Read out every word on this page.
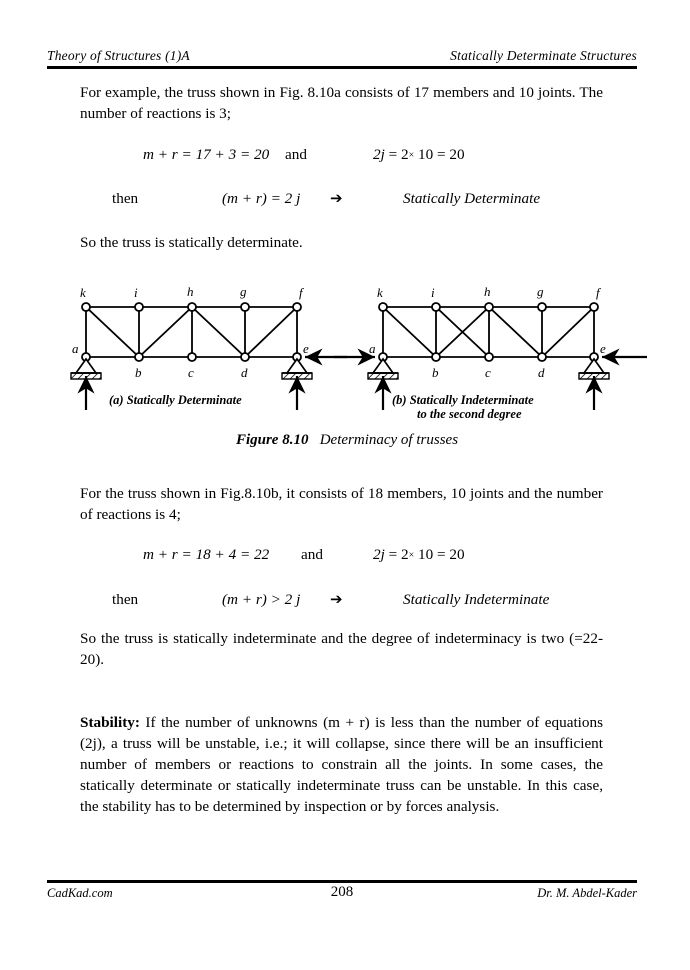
Theory of Structures (1)A	Statically Determinate Structures
For example, the truss shown in Fig. 8.10a consists of 17 members and 10 joints. The number of reactions is 3;
m + r = 17 + 3 = 20 and	2j = 2× 10 = 20
then	(m + r) = 2 j ➔	Statically Determinate
So the truss is statically determinate.
k	i	h	g	f
a
b	c	d
e
(a) Statically Determinate
k	i	h	g	f
a
b	c	d
e
(b) Statically Indeterminate
to the second degree
Figure 8.10 Determinacy of trusses
For the truss shown in Fig.8.10b, it consists of 18 members, 10 joints and the number of reactions is 4;
m + r = 18 + 4 = 22 and	2j = 2× 10 = 20
then	(m + r) > 2 j ➔	Statically Indeterminate
So the truss is statically indeterminate and the degree of indeterminacy is two (=22-20).
Stability: If the number of unknowns (m + r) is less than the number of equations (2j), a truss will be unstable, i.e.; it will collapse, since there will be an insufficient number of members or reactions to constrain all the joints. In some cases, the statically determinate or statically indeterminate truss can be unstable. In this case, the stability has to be determined by inspection or by forces analysis.
CadKad.com	208	Dr. M. Abdel-Kader
